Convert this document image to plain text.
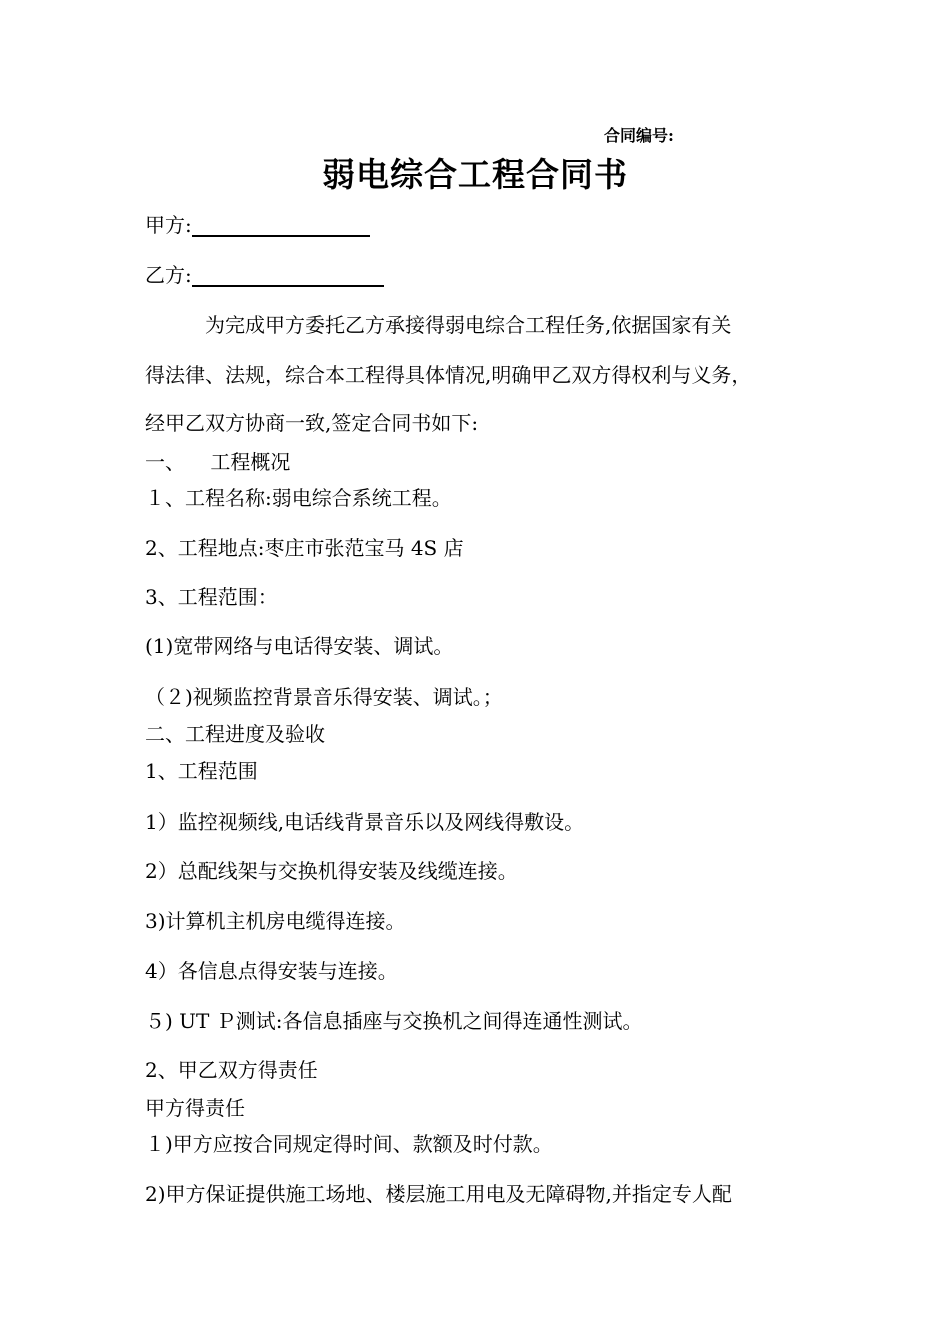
合同编号:
弱电综合工程合同书
甲方:
乙方:
为完成甲方委托乙方承接得弱电综合工程任务,依据国家有关
得法律、法规，综合本工程得具体情况,明确甲乙双方得权利与义务，
经甲乙双方协商一致,签定合同书如下:
一、    工程概况
１、工程名称:弱电综合系统工程。
2、工程地点:枣庄市张范宝马 4S 店
3、工程范围：
(1)宽带网络与电话得安装、调试。
（２)视频监控背景音乐得安装、调试。；
二、工程进度及验收
1、工程范围
1）监控视频线,电话线背景音乐以及网线得敷设。
2）总配线架与交换机得安装及线缆连接。
3)计算机主机房电缆得连接。
4）各信息点得安装与连接。
５) UT Ｐ测试:各信息插座与交换机之间得连通性测试。
2、甲乙双方得责任
甲方得责任
１)甲方应按合同规定得时间、款额及时付款。
2)甲方保证提供施工场地、楼层施工用电及无障碍物,并指定专人配
